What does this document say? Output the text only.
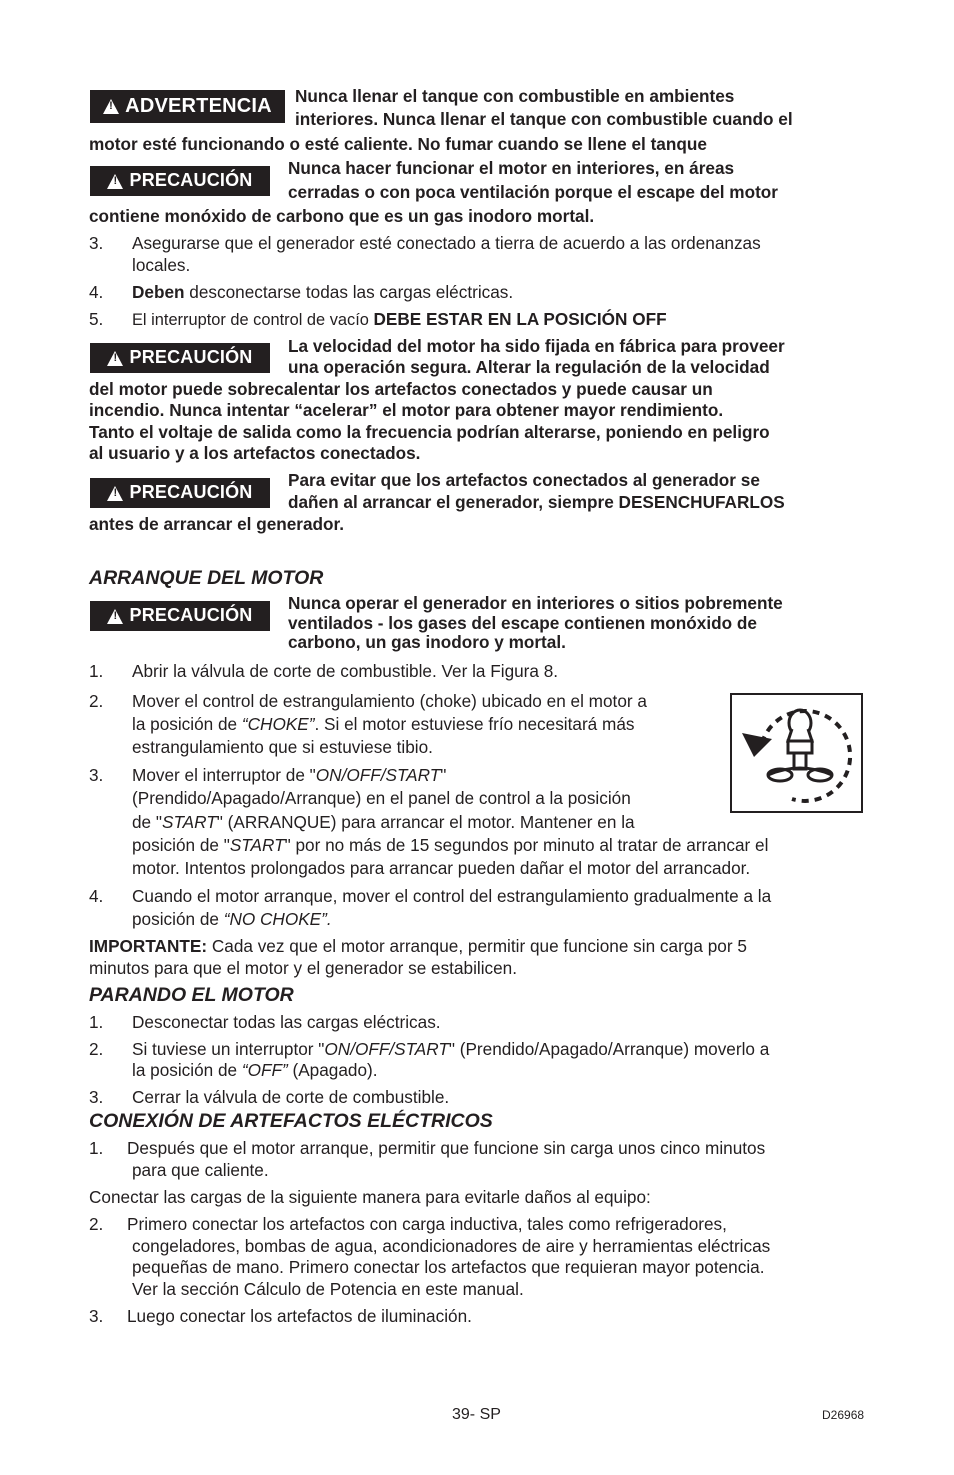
!
ADVERTENCIA Nunca llenar el tanque con combustible en ambientes
interiores. Nunca llenar el tanque con combustible cuando el
motor esté funcionando o esté caliente. No fumar cuando se llene el tanque
!
PRECAUCIÓN
Nunca hacer funcionar el motor en interiores, en áreas
cerradas o con poca ventilación porque el escape del motor
contiene monóxido de carbono que es un gas inodoro mortal.
3. Asegurarse que el generador esté conectado a tierra de acuerdo a las ordenanzas
locales.
4. Deben desconectarse todas las cargas eléctricas.
5. El interruptor de control de vacío DEBE ESTAR EN LA POSICIÓN OFF
!
PRECAUCIÓN
La velocidad del motor ha sido fijada en fábrica para proveer
una operación segura. Alterar la regulación de la velocidad
del motor puede sobrecalentar los artefactos conectados y puede causar un
incendio. Nunca intentar “acelerar” el motor para obtener mayor rendimiento.
Tanto el voltaje de salida como la frecuencia podrían alterarse, poniendo en peligro
al usuario y a los artefactos conectados.
!
PRECAUCIÓN
Para evitar que los artefactos conectados al generador se
dañen al arrancar el generador, siempre DESENCHUFARLOS
antes de arrancar el generador.
ARRANQUE DEL MOTOR
!
PRECAUCIÓN
Nunca operar el generador en interiores o sitios pobremente
ventilados - los gases del escape contienen monóxido de
carbono, un gas inodoro y mortal.
1. Abrir la válvula de corte de combustible. Ver la Figura 8.
2. Mover el control de estrangulamiento (choke) ubicado en el motor a
la posición de “CHOKE”. Si el motor estuviese frío necesitará más
estrangulamiento que si estuviese tibio.
3. Mover el interruptor de "ON/OFF/START"
(Prendido/Apagado/Arranque) en el panel de control a la posición
de "START" (ARRANQUE) para arrancar el motor. Mantener en la
posición de "START" por no más de 15 segundos por minuto al tratar de arrancar el
motor. Intentos prolongados para arrancar pueden dañar el motor del arrancador.
4. Cuando el motor arranque, mover el control del estrangulamiento gradualmente a la
posición de “NO CHOKE”.
IMPORTANTE: Cada vez que el motor arranque, permitir que funcione sin carga por 5
minutos para que el motor y el generador se estabilicen.
PARANDO EL MOTOR
1. Desconectar todas las cargas eléctricas.
2. Si tuviese un interruptor "ON/OFF/START" (Prendido/Apagado/Arranque) moverlo a
la posición de “OFF” (Apagado).
3. Cerrar la válvula de corte de combustible.
CONEXIÓN DE ARTEFACTOS ELÉCTRICOS
1. Después que el motor arranque, permitir que funcione sin carga unos cinco minutos
para que caliente.
Conectar las cargas de la siguiente manera para evitarle daños al equipo:
2. Primero conectar los artefactos con carga inductiva, tales como refrigeradores,
congeladores, bombas de agua, acondicionadores de aire y herramientas eléctricas
pequeñas de mano. Primero conectar los artefactos que requieran mayor potencia.
Ver la sección Cálculo de Potencia en este manual.
3. Luego conectar los artefactos de iluminación.
39- SP	D26968
